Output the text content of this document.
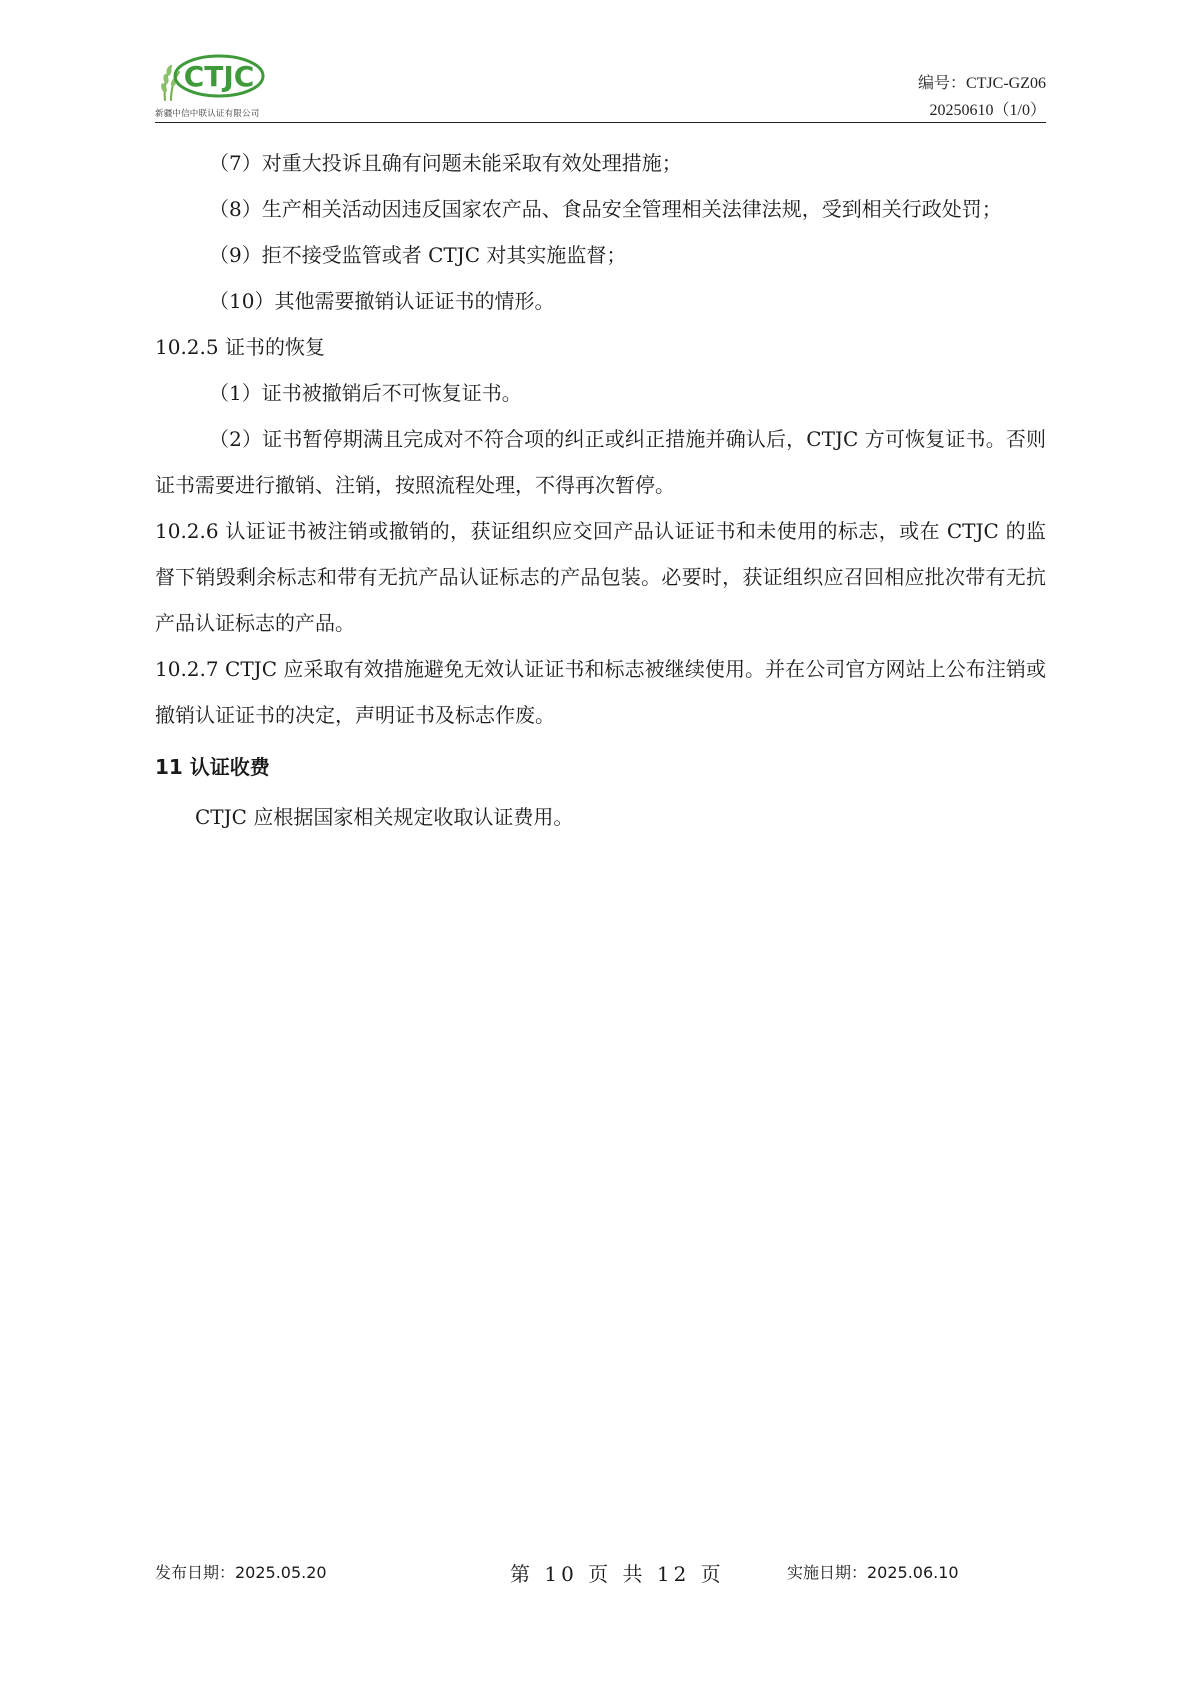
CTJC
新疆中信中联认证有限公司
编号：CTJC-GZ06
20250610（1/0）

（7）对重大投诉且确有问题未能采取有效处理措施；

（8）生产相关活动因违反国家农产品、食品安全管理相关法律法规，受到相关行政处罚；

（9）拒不接受监管或者 CTJC 对其实施监督；

（10）其他需要撤销认证证书的情形。

10.2.5 证书的恢复

（1）证书被撤销后不可恢复证书。

（2）证书暂停期满且完成对不符合项的纠正或纠正措施并确认后，CTJC 方可恢复证书。否则证书需要进行撤销、注销，按照流程处理，不得再次暂停。

10.2.6 认证证书被注销或撤销的，获证组织应交回产品认证证书和未使用的标志，或在 CTJC 的监督下销毁剩余标志和带有无抗产品认证标志的产品包装。必要时，获证组织应召回相应批次带有无抗产品认证标志的产品。

10.2.7 CTJC 应采取有效措施避免无效认证证书和标志被继续使用。并在公司官方网站上公布注销或撤销认证证书的决定，声明证书及标志作废。

11 认证收费

CTJC 应根据国家相关规定收取认证费用。

发布日期：2025.05.20	第 10 页 共 12 页	实施日期：2025.06.10
